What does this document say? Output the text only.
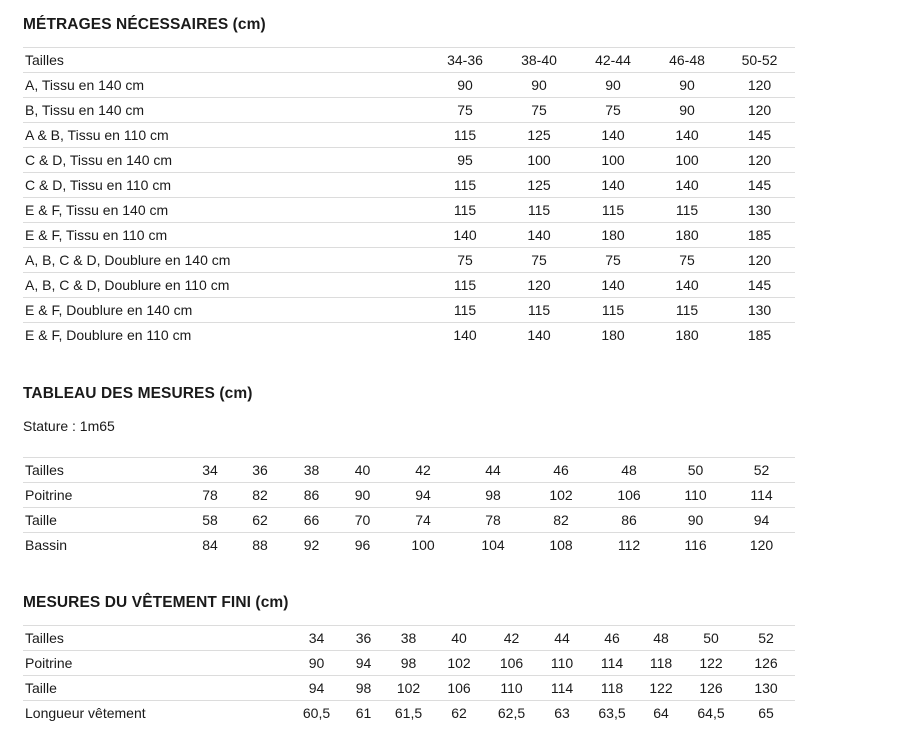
MÉTRAGES NÉCESSAIRES (cm)
Tailles	34-36	38-40	42-44	46-48	50-52
A, Tissu en 140 cm	90	90	90	90	120
B, Tissu en 140 cm	75	75	75	90	120
A & B, Tissu en 110 cm	115	125	140	140	145
C & D, Tissu en 140 cm	95	100	100	100	120
C & D, Tissu en 110 cm	115	125	140	140	145
E & F, Tissu en 140 cm	115	115	115	115	130
E & F, Tissu en 110 cm	140	140	180	180	185
A, B, C & D, Doublure en 140 cm	75	75	75	75	120
A, B, C & D, Doublure en 110 cm	115	120	140	140	145
E & F, Doublure en 140 cm	115	115	115	115	130
E & F, Doublure en 110 cm	140	140	180	180	185
TABLEAU DES MESURES (cm)

Stature : 1m65

Tailles	34	36	38	40	42	44	46	48	50	52
Poitrine	78	82	86	90	94	98	102	106	110	114
Taille	58	62	66	70	74	78	82	86	90	94
Bassin	84	88	92	96	100	104	108	112	116	120
MESURES DU VÊTEMENT FINI (cm)
Tailles	34	36	38	40	42	44	46	48	50	52
Poitrine	90	94	98	102	106	110	114	118	122	126
Taille	94	98	102	106	110	114	118	122	126	130
Longueur vêtement	60,5	61	61,5	62	62,5	63	63,5	64	64,5	65
